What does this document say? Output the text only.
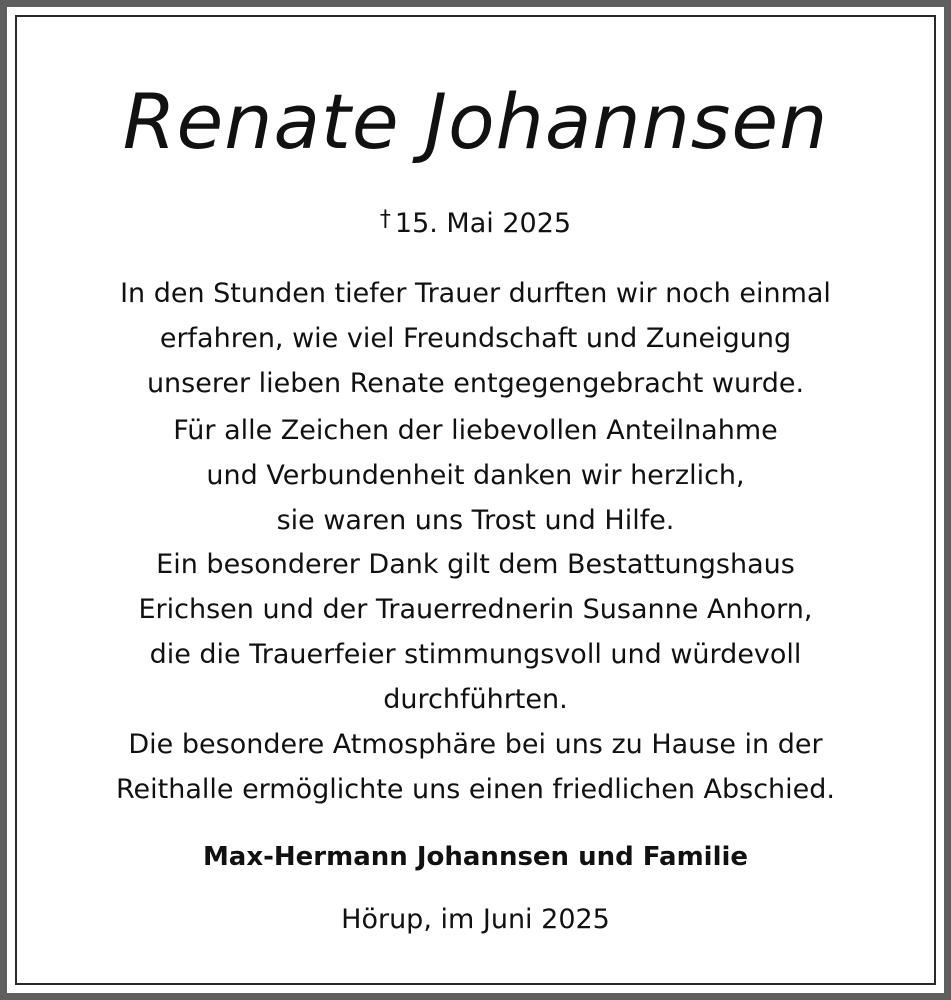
Renate Johannsen
† 15. Mai 2025
In den Stunden tiefer Trauer durften wir noch einmal
erfahren, wie viel Freundschaft und Zuneigung
unserer lieben Renate entgegengebracht wurde.
Für alle Zeichen der liebevollen Anteilnahme
und Verbundenheit danken wir herzlich,
sie waren uns Trost und Hilfe.
Ein besonderer Dank gilt dem Bestattungshaus
Erichsen und der Trauerrednerin Susanne Anhorn,
die die Trauerfeier stimmungsvoll und würdevoll
durchführten.
Die besondere Atmosphäre bei uns zu Hause in der
Reithalle ermöglichte uns einen friedlichen Abschied.
Max-Hermann Johannsen und Familie
Hörup, im Juni 2025
